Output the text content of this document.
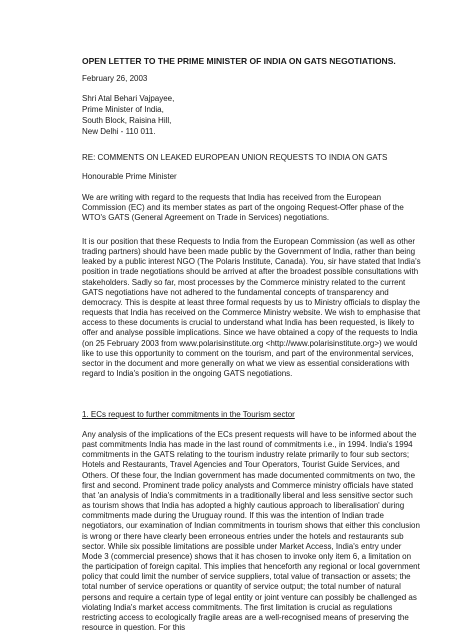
OPEN LETTER TO THE PRIME MINISTER OF INDIA ON GATS NEGOTIATIONS.
February 26, 2003
Shri Atal Behari Vajpayee,
Prime Minister of India,
South Block, Raisina Hill,
New Delhi - 110 011.
RE: COMMENTS ON LEAKED EUROPEAN UNION REQUESTS TO INDIA ON GATS
Honourable Prime Minister

We are writing with regard to the requests that India has received from the European Commission (EC) and its member states as part of the ongoing Request-Offer phase of the WTO's GATS (General Agreement on Trade in Services) negotiations.

It is our position that these Requests to India from the European Commission (as well as other trading partners) should have been made public by the Government of India, rather than being leaked by a public interest NGO (The Polaris Institute, Canada). You, sir have stated that India's position in trade negotiations should be arrived at after the broadest possible consultations with stakeholders. Sadly so far, most processes by the Commerce ministry related to the current GATS negotiations have not adhered to the fundamental concepts of transparency and democracy. This is despite at least three formal requests by us to Ministry officials to display the requests that India has received on the Commerce Ministry website. We wish to emphasise that access to these documents is crucial to understand what India has been requested, is likely to offer and analyse possible implications. Since we have obtained a copy of the requests to India (on 25 February 2003 from www.polarisinstitute.org <http://www.polarisinstitute.org>) we would like to use this opportunity to comment on the tourism, and part of the environmental services, sector in the document and more generally on what we view as essential considerations with regard to India's position in the ongoing GATS negotiations.

1. ECs request to further commitments in the Tourism sector

Any analysis of the implications of the ECs present requests will have to be informed about the past commitments India has made in the last round of commitments i.e., in 1994. India's 1994 commitments in the GATS relating to the tourism industry relate primarily to four sub sectors; Hotels and Restaurants, Travel Agencies and Tour Operators, Tourist Guide Services, and Others. Of these four, the Indian government has made documented commitments on two, the first and second. Prominent trade policy analysts and Commerce ministry officials have stated that 'an analysis of India's commitments in a traditionally liberal and less sensitive sector such as tourism shows that India has adopted a highly cautious approach to liberalisation' during commitments made during the Uruguay round. If this was the intention of Indian trade negotiators, our examination of Indian commitments in tourism shows that either this conclusion is wrong or there have clearly been erroneous entries under the hotels and restaurants sub sector. While six possible limitations are possible under Market Access, India's entry under Mode 3 (commercial presence) shows that it has chosen to invoke only item 6, a limitation on the participation of foreign capital. This implies that henceforth any regional or local government policy that could limit the number of service suppliers, total value of transaction or assets; the total number of service operations or quantity of service output; the total number of natural persons and require a certain type of legal entity or joint venture can possibly be challenged as violating India's market access commitments. The first limitation is crucial as regulations restricting access to ecologically fragile areas are a well-recognised means of preserving the resource in question. For this
